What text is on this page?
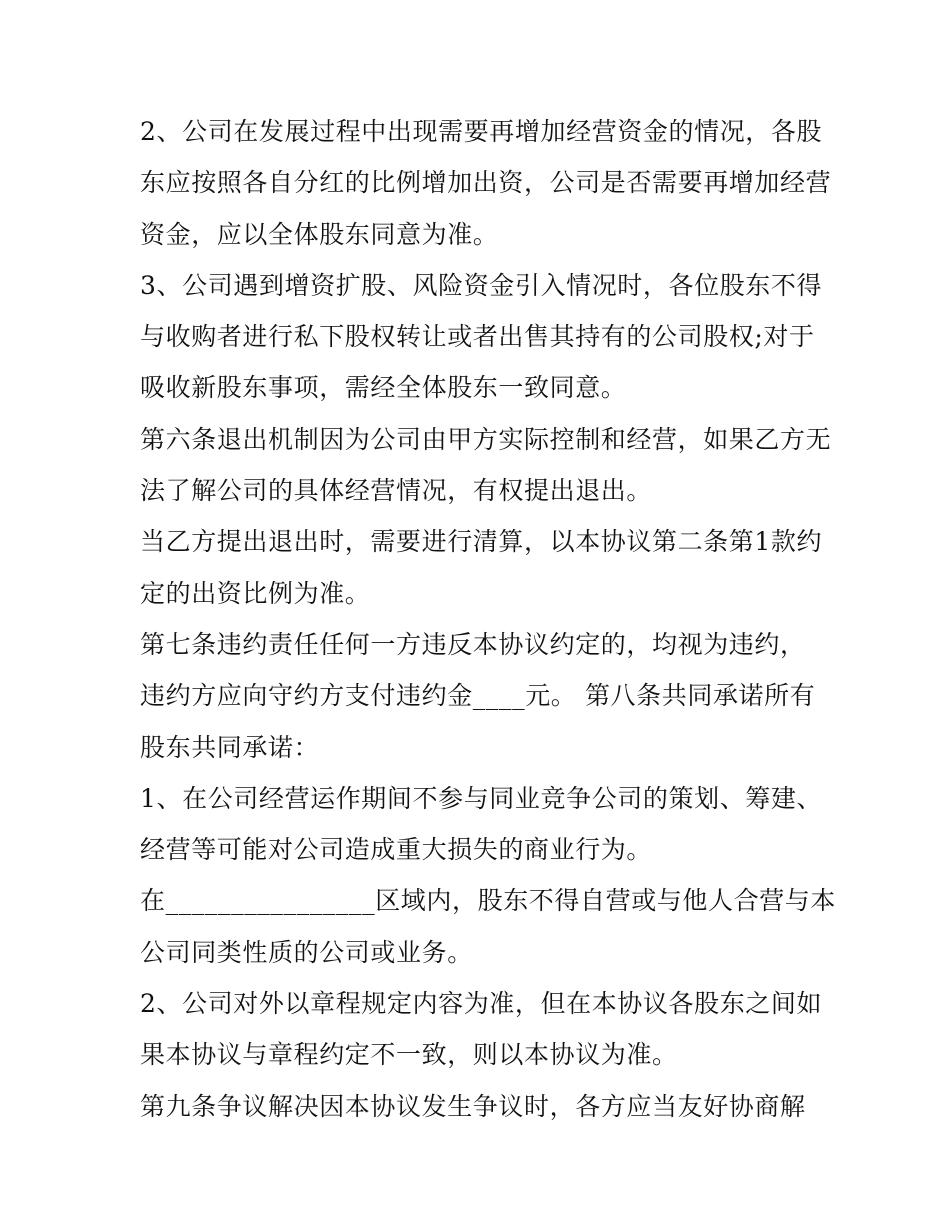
2、公司在发展过程中出现需要再增加经营资金的情况，各股
东应按照各自分红的比例增加出资，公司是否需要再增加经营
资金，应以全体股东同意为准。
3、公司遇到增资扩股、风险资金引入情况时，各位股东不得
与收购者进行私下股权转让或者出售其持有的公司股权;对于
吸收新股东事项，需经全体股东一致同意。
第六条退出机制因为公司由甲方实际控制和经营，如果乙方无
法了解公司的具体经营情况，有权提出退出。
当乙方提出退出时，需要进行清算，以本协议第二条第1款约
定的出资比例为准。
第七条违约责任任何一方违反本协议约定的，均视为违约，
违约方应向守约方支付违约金____元。 第八条共同承诺所有
股东共同承诺：
1、在公司经营运作期间不参与同业竞争公司的策划、筹建、
经营等可能对公司造成重大损失的商业行为。
在________________区域内，股东不得自营或与他人合营与本
公司同类性质的公司或业务。
2、公司对外以章程规定内容为准，但在本协议各股东之间如
果本协议与章程约定不一致，则以本协议为准。
第九条争议解决因本协议发生争议时，各方应当友好协商解
